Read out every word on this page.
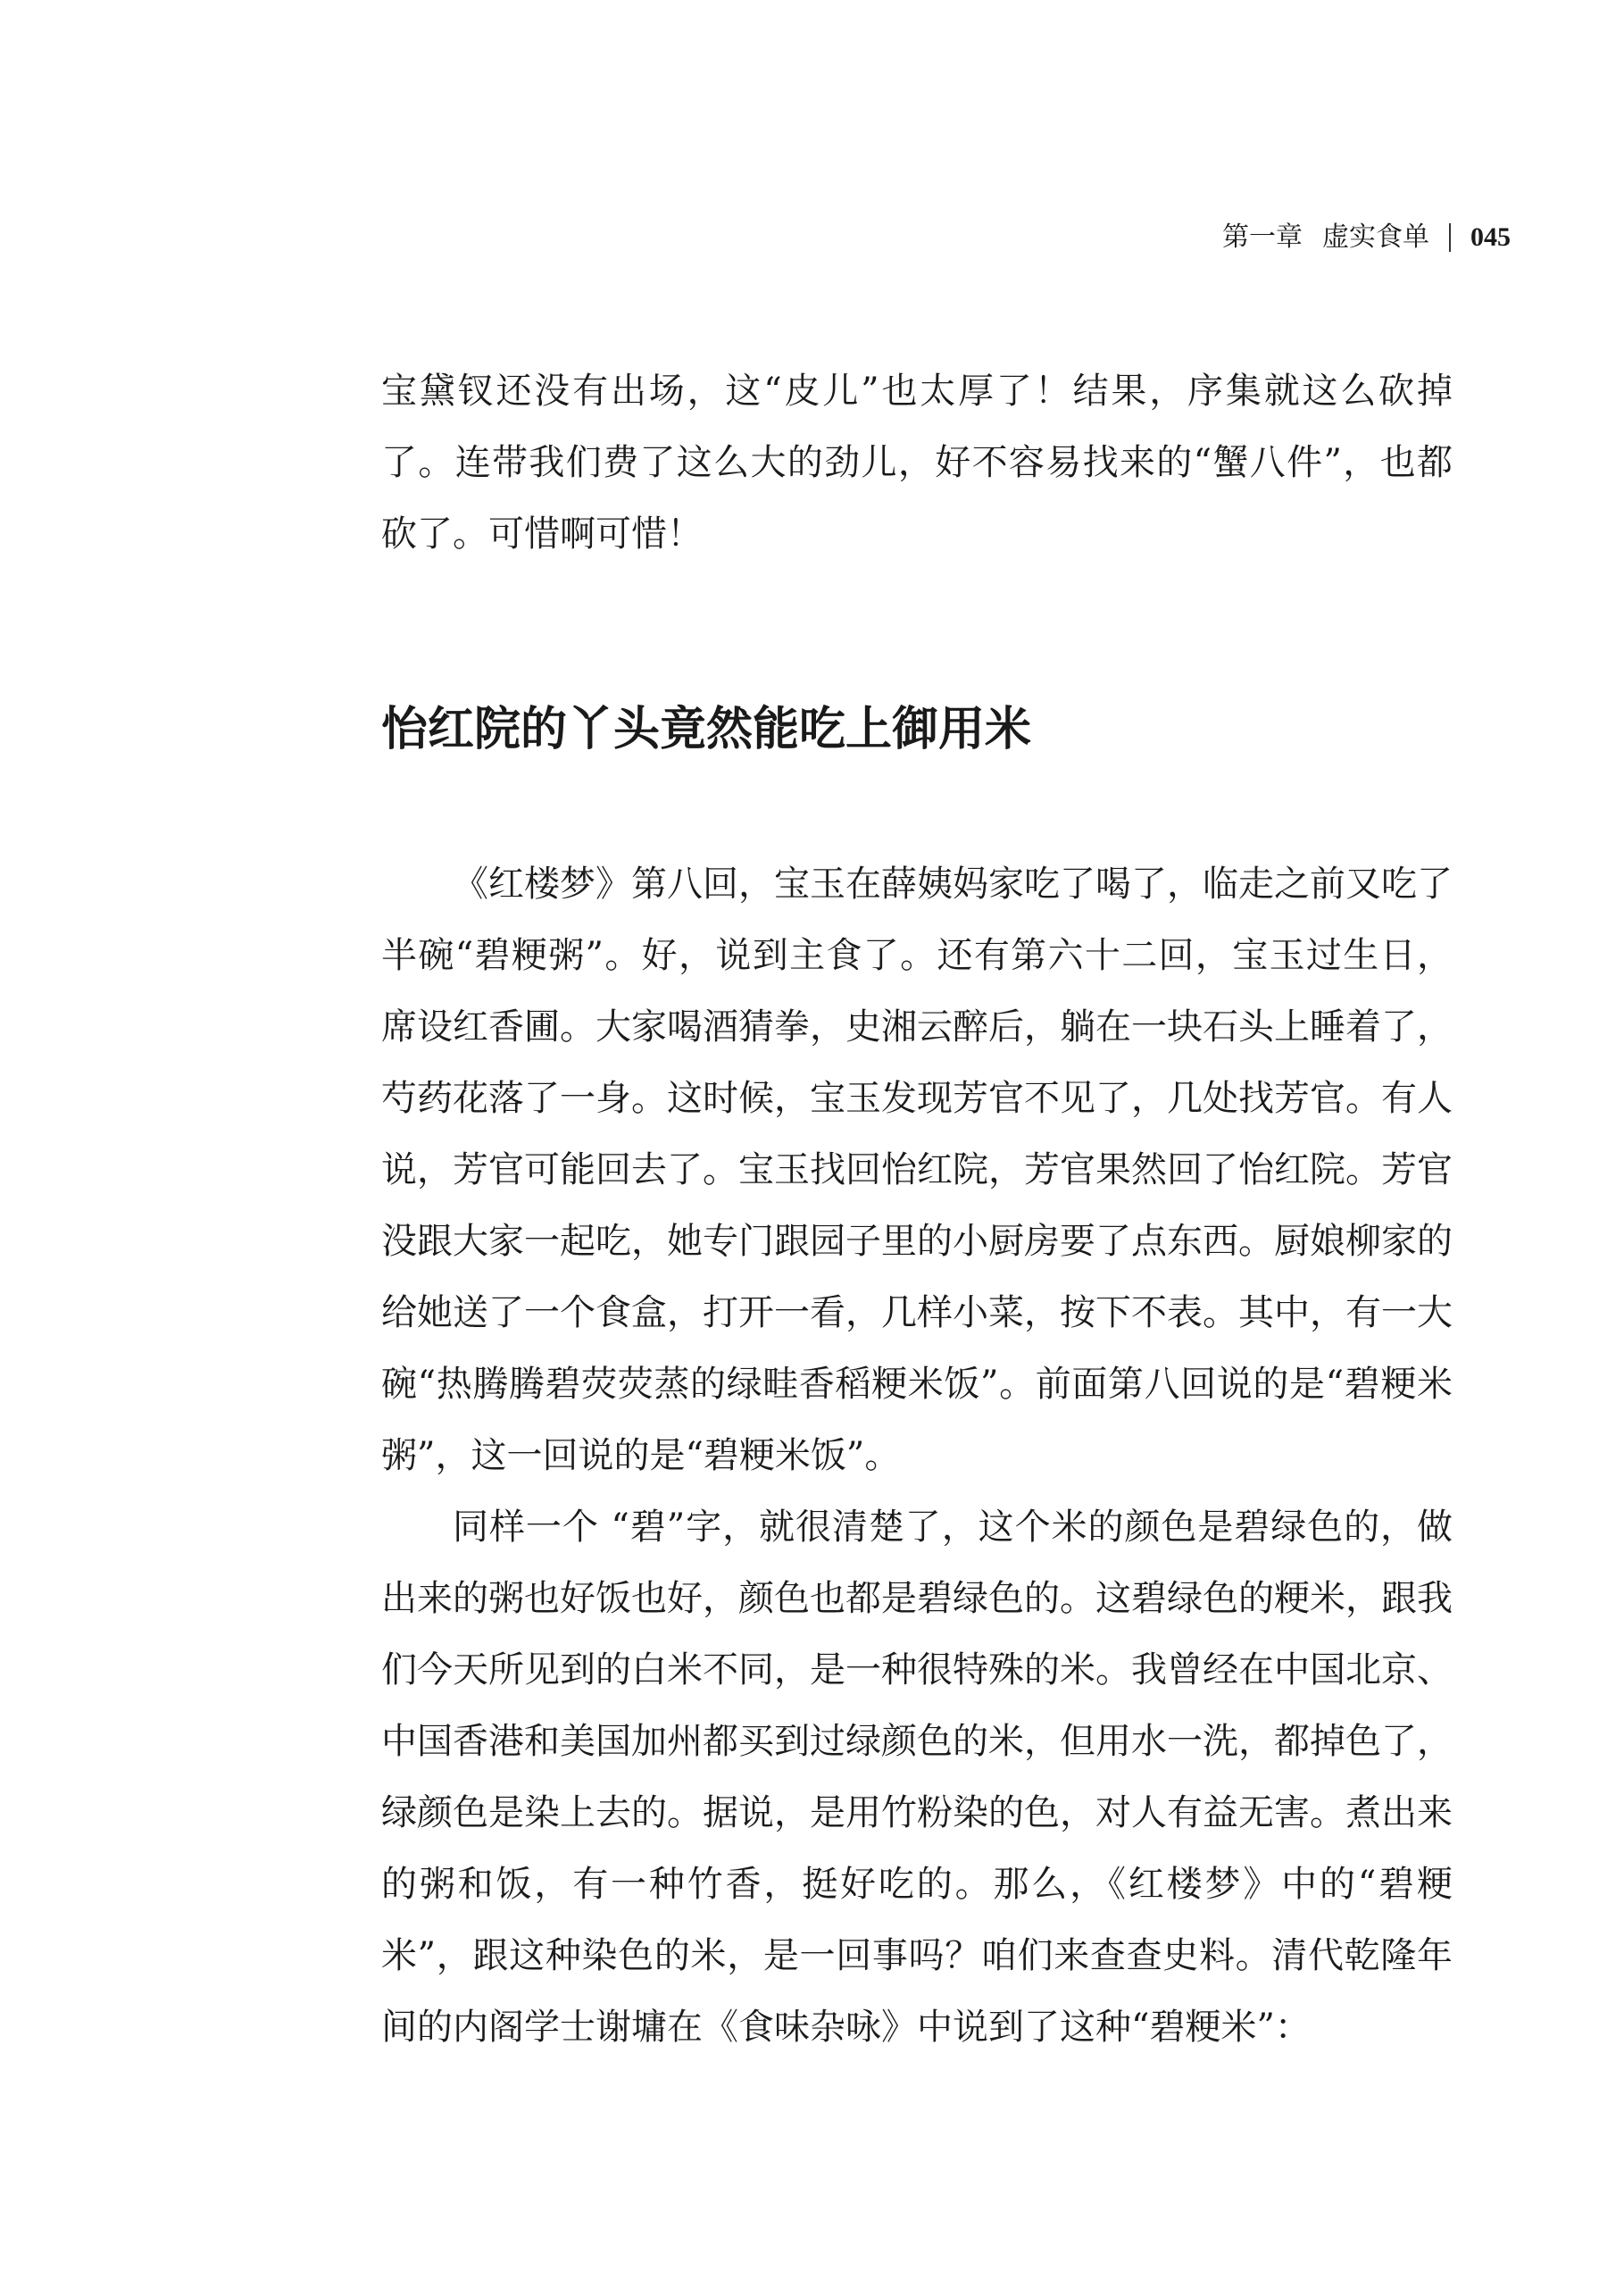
第一章 虚实食单 045

宝黛钗还没有出场，这“皮儿”也太厚了！结果，序集就这么砍掉了。连带我们费了这么大的劲儿，好不容易找来的“蟹八件”，也都砍了。可惜啊可惜！

怡红院的丫头竟然能吃上御用米

《红楼梦》第八回，宝玉在薛姨妈家吃了喝了，临走之前又吃了半碗“碧粳粥”。好，说到主食了。还有第六十二回，宝玉过生日，席设红香圃。大家喝酒猜拳，史湘云醉后，躺在一块石头上睡着了，芍药花落了一身。这时候，宝玉发现芳官不见了，几处找芳官。有人说，芳官可能回去了。宝玉找回怡红院，芳官果然回了怡红院。芳官没跟大家一起吃，她专门跟园子里的小厨房要了点东西。厨娘柳家的给她送了一个食盒，打开一看，几样小菜，按下不表。其中，有一大碗“热腾腾碧荧荧蒸的绿畦香稻粳米饭”。前面第八回说的是“碧粳米粥”，这一回说的是“碧粳米饭”。

同样一个 “碧”字，就很清楚了，这个米的颜色是碧绿色的，做出来的粥也好饭也好，颜色也都是碧绿色的。这碧绿色的粳米，跟我们今天所见到的白米不同，是一种很特殊的米。我曾经在中国北京、中国香港和美国加州都买到过绿颜色的米，但用水一洗，都掉色了，绿颜色是染上去的。据说，是用竹粉染的色，对人有益无害。煮出来的粥和饭，有一种竹香，挺好吃的。那么，《红楼梦》中的“碧粳米”，跟这种染色的米，是一回事吗？咱们来查查史料。清代乾隆年间的内阁学士谢墉在《食味杂咏》中说到了这种“碧粳米”：
